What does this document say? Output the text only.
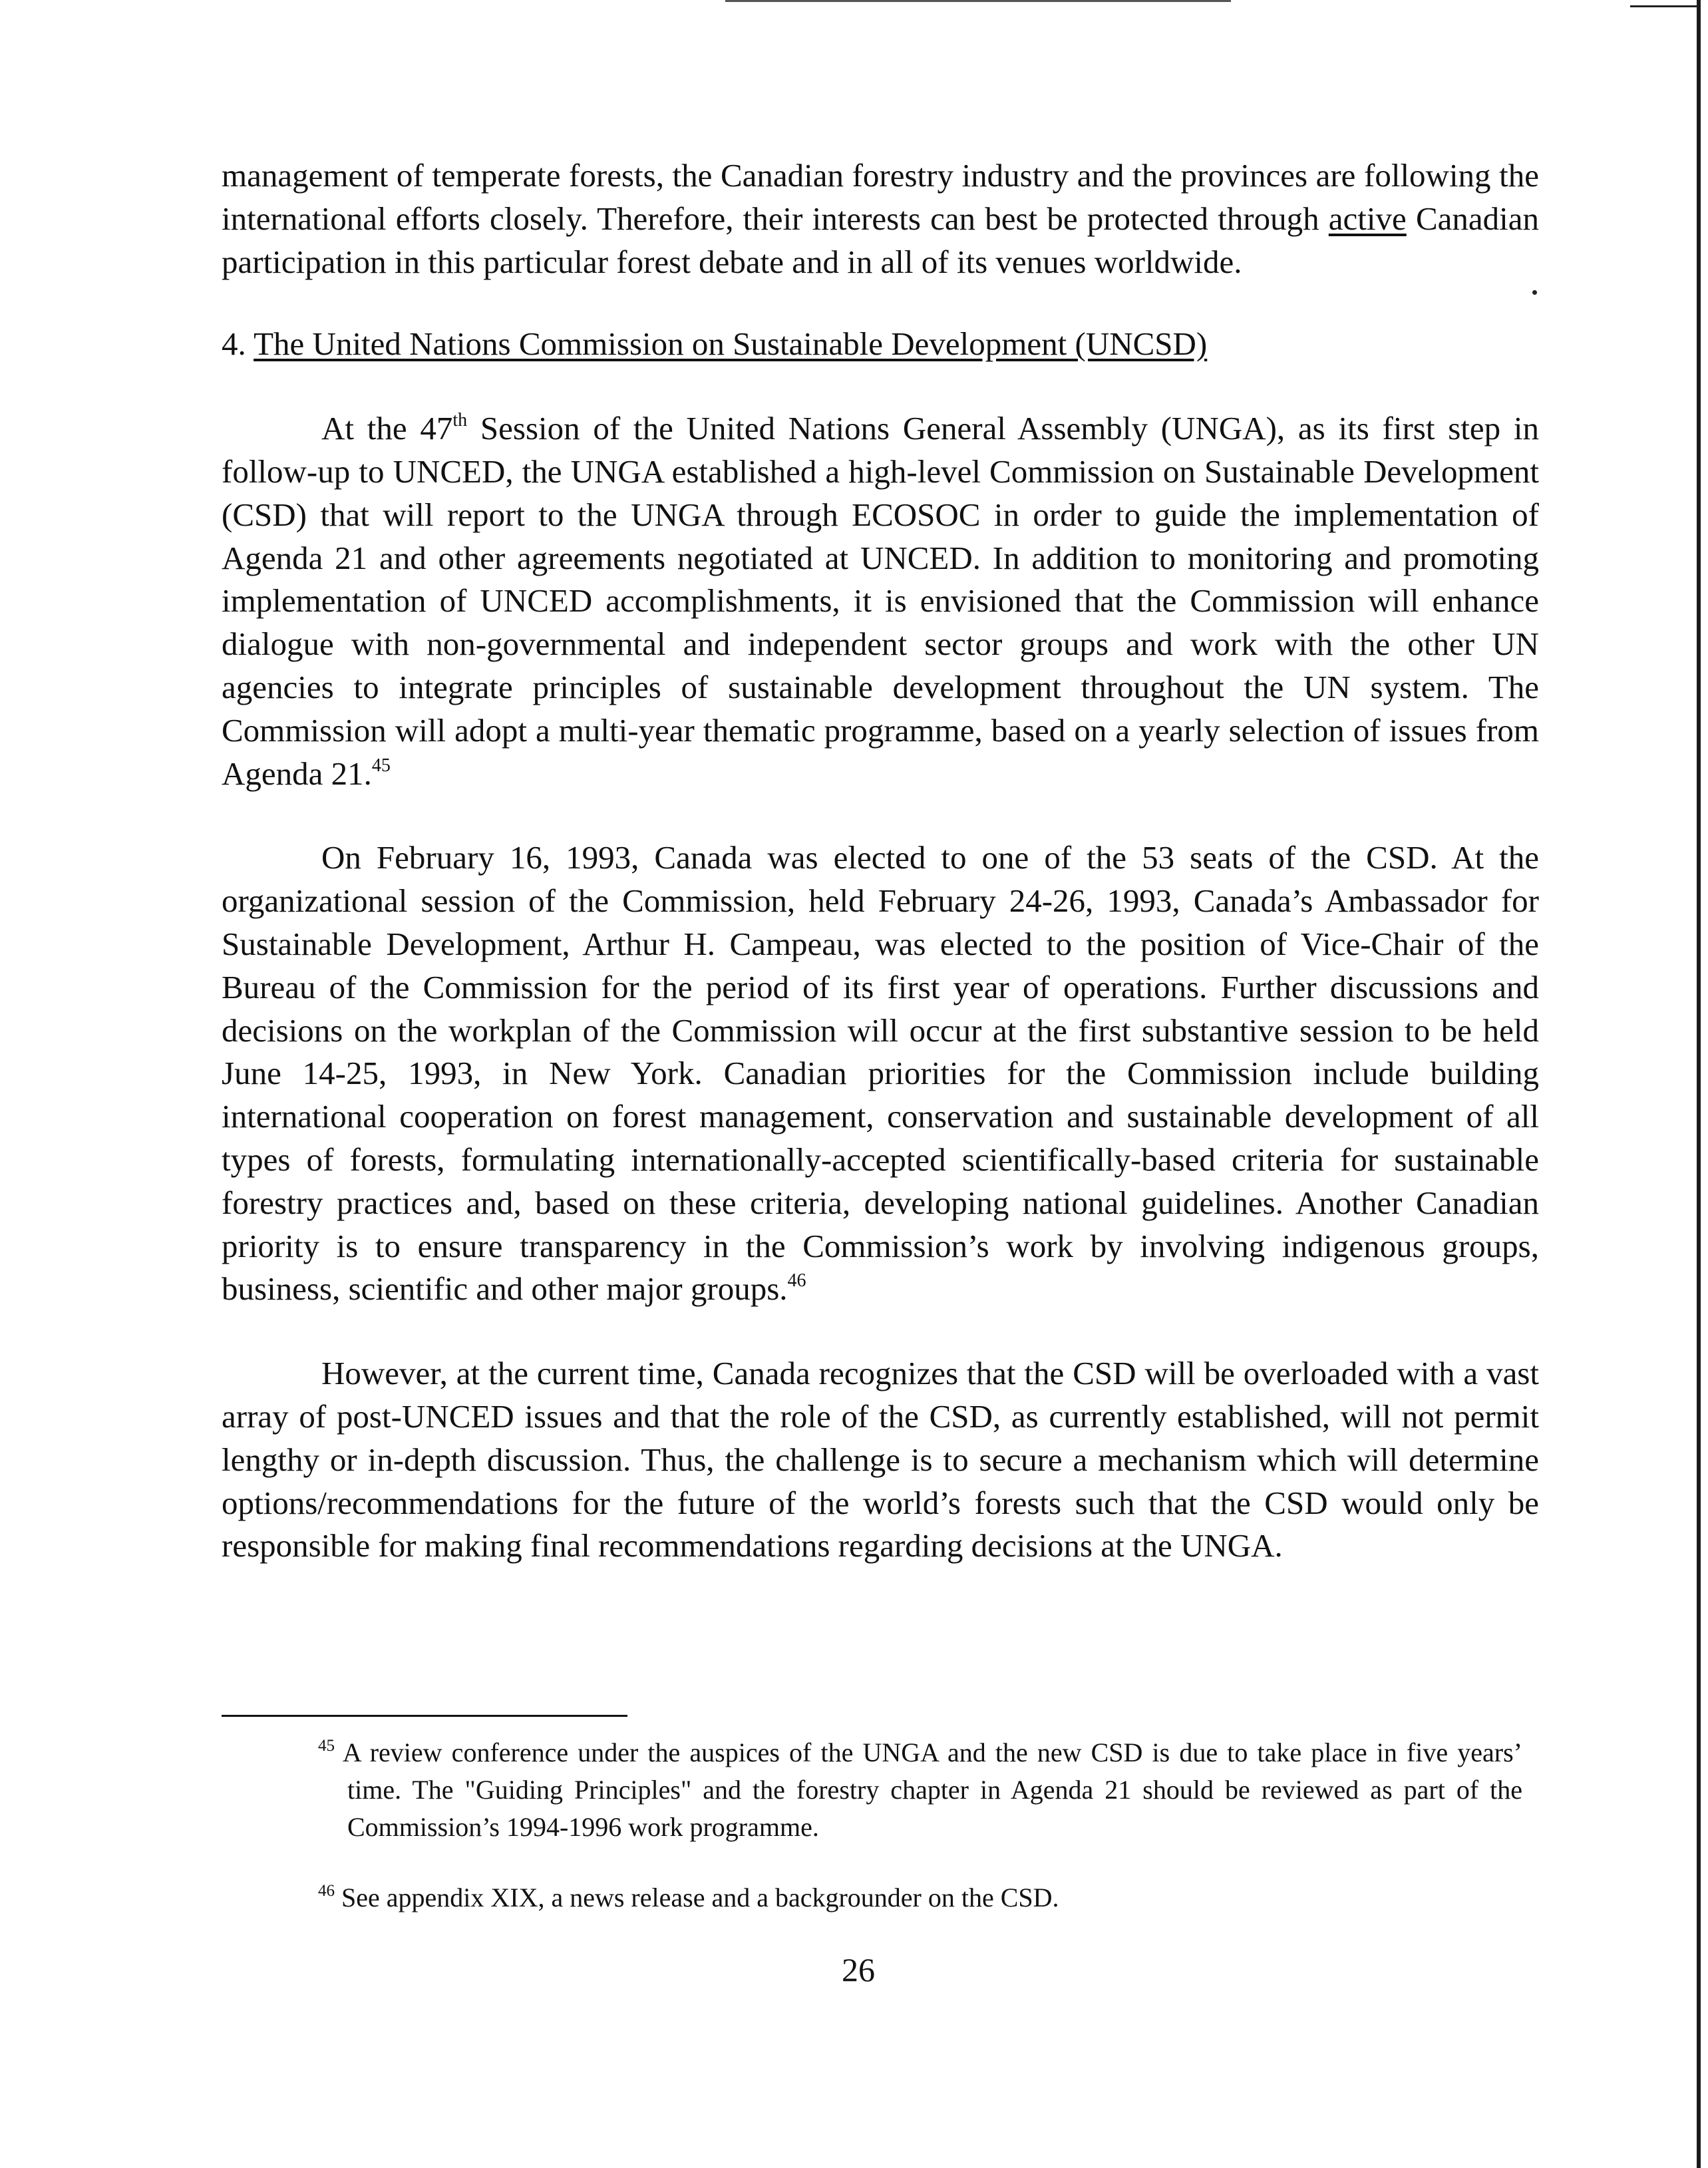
management of temperate forests, the Canadian forestry industry and the provinces are following the international efforts closely. Therefore, their interests can best be protected through active Canadian participation in this particular forest debate and in all of its venues worldwide.

4. The United Nations Commission on Sustainable Development (UNCSD)

At the 47th Session of the United Nations General Assembly (UNGA), as its first step in follow-up to UNCED, the UNGA established a high-level Commission on Sustainable Development (CSD) that will report to the UNGA through ECOSOC in order to guide the implementation of Agenda 21 and other agreements negotiated at UNCED. In addition to monitoring and promoting implementation of UNCED accomplishments, it is envisioned that the Commission will enhance dialogue with non-governmental and independent sector groups and work with the other UN agencies to integrate principles of sustainable development throughout the UN system. The Commission will adopt a multi-year thematic programme, based on a yearly selection of issues from Agenda 21.45

On February 16, 1993, Canada was elected to one of the 53 seats of the CSD. At the organizational session of the Commission, held February 24-26, 1993, Canada’s Ambassador for Sustainable Development, Arthur H. Campeau, was elected to the position of Vice-Chair of the Bureau of the Commission for the period of its first year of operations. Further discussions and decisions on the workplan of the Commission will occur at the first substantive session to be held June 14-25, 1993, in New York. Canadian priorities for the Commission include building international cooperation on forest management, conservation and sustainable development of all types of forests, formulating internationally-accepted scientifically-based criteria for sustainable forestry practices and, based on these criteria, developing national guidelines. Another Canadian priority is to ensure transparency in the Commission’s work by involving indigenous groups, business, scientific and other major groups.$^{46}$

However, at the current time, Canada recognizes that the CSD will be overloaded with a vast array of post-UNCED issues and that the role of the CSD, as currently established, will not permit lengthy or in-depth discussion. Thus, the challenge is to secure a mechanism which will determine options/recommendations for the future of the world’s forests such that the CSD would only be responsible for making final recommendations regarding decisions at the UNGA.

$^{45}$ A review conference under the auspices of the UNGA and the new CSD is due to take place in five years’ time. The "Guiding Principles" and the forestry chapter in Agenda 21 should be reviewed as part of the Commission’s 1994-1996 work programme.

$^{46}$ See appendix XIX, a news release and a backgrounder on the CSD.

26
